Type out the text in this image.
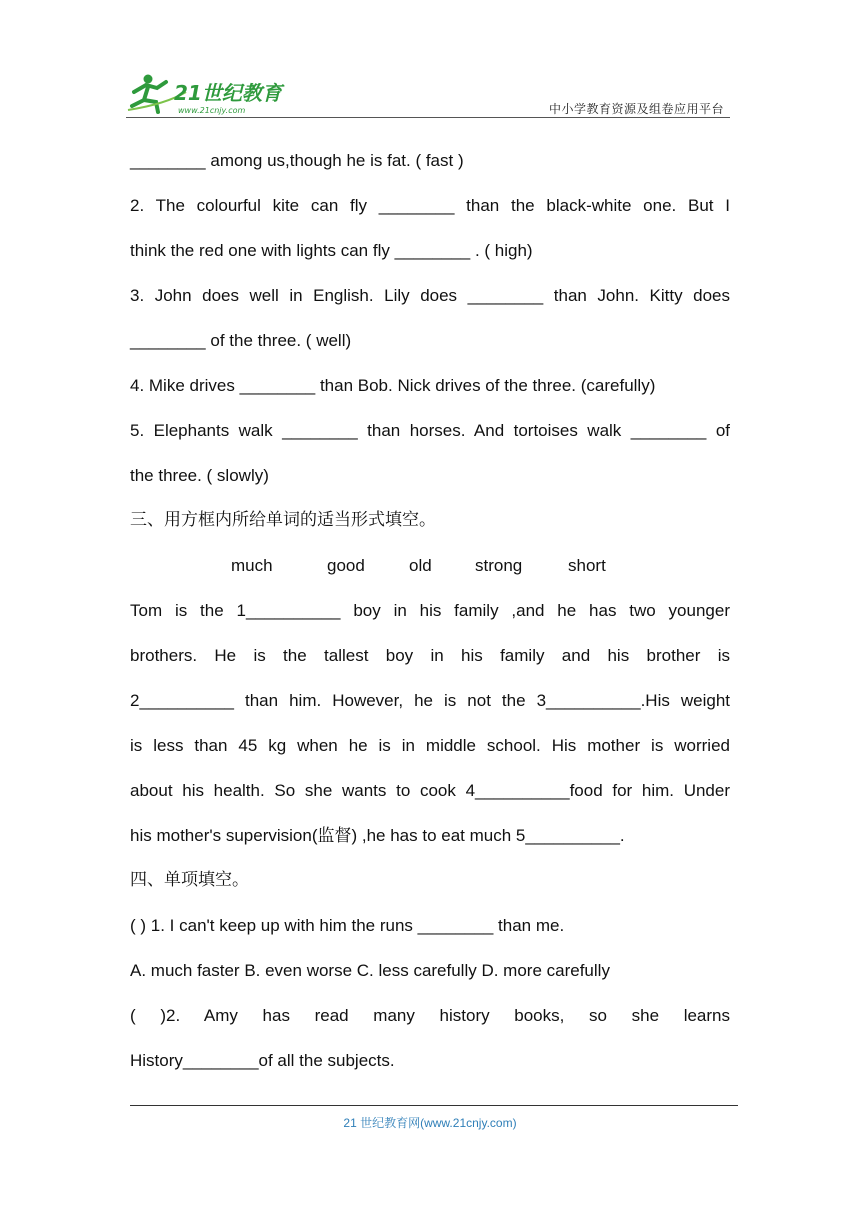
21世纪教育
www.21cnjy.com	中小学教育资源及组卷应用平台
________ among us,though he is fat. ( fast )
2. The colourful kite can fly ________ than the black-white one. But I
think the red one with lights can fly ________ . ( high)
3. John does well in English. Lily does ________ than John. Kitty does
________ of the three. ( well)
4. Mike drives ________ than Bob. Nick drives of the three. (carefully)
5. Elephants walk ________ than horses. And tortoises walk ________ of
the three. ( slowly)
三、用方框内所给单词的适当形式填空。
much	good	old	strong	short
Tom is the 1__________ boy in his family ,and he has two younger
brothers. He is the tallest boy in his family and his brother is
2__________ than him. However, he is not the 3__________.His weight
is less than 45 kg when he is in middle school. His mother is worried
about his health. So she wants to cook 4__________food for him. Under
his mother's supervision(监督) ,he has to eat much 5__________.
四、单项填空。
( ) 1. I can't keep up with him the runs ________ than me.
A. much faster B. even worse C. less carefully D. more carefully
( )2. Amy has read many history books, so she learns
History________of all the subjects.
21 世纪教育网(www.21cnjy.com)
